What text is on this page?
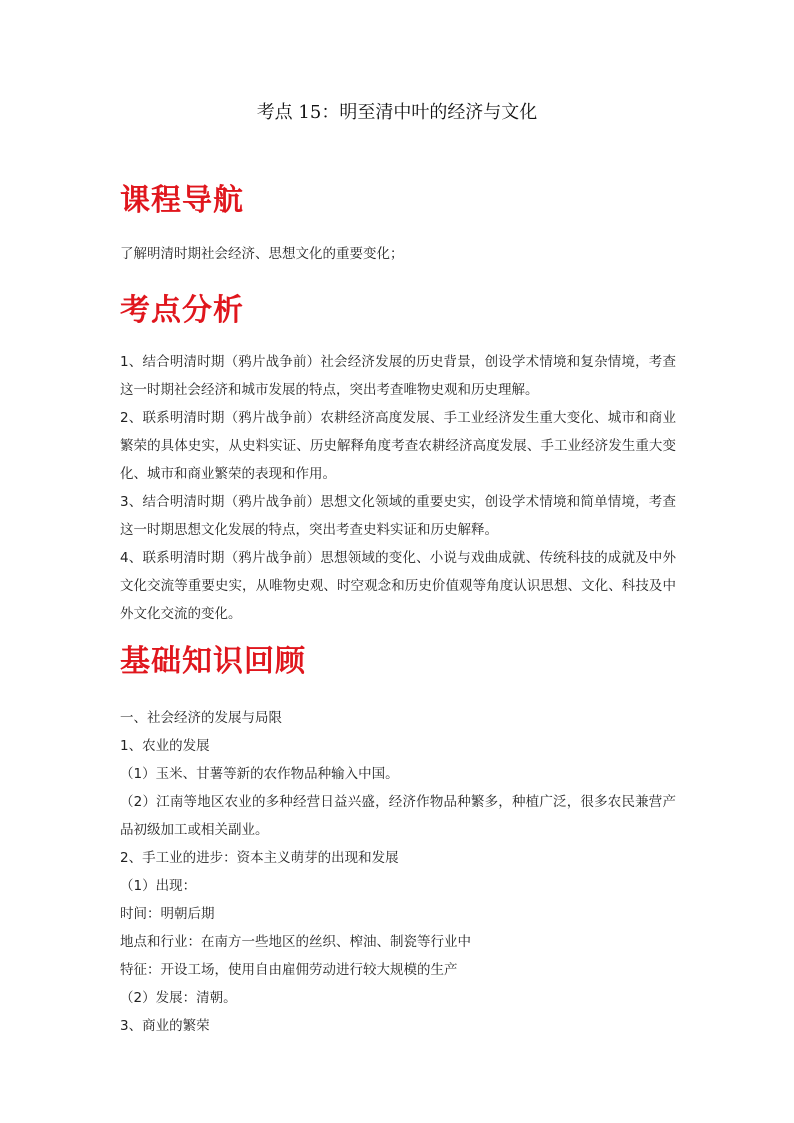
考点 15：明至清中叶的经济与文化
课程导航

了解明清时期社会经济、思想文化的重要变化；

考点分析

1、结合明清时期（鸦片战争前）社会经济发展的历史背景，创设学术情境和复杂情境，考查这一时期社会经济和城市发展的特点，突出考查唯物史观和历史理解。

2、联系明清时期（鸦片战争前）农耕经济高度发展、手工业经济发生重大变化、城市和商业繁荣的具体史实，从史料实证、历史解释角度考查农耕经济高度发展、手工业经济发生重大变化、城市和商业繁荣的表现和作用。

3、结合明清时期（鸦片战争前）思想文化领域的重要史实，创设学术情境和简单情境，考查这一时期思想文化发展的特点，突出考查史料实证和历史解释。

4、联系明清时期（鸦片战争前）思想领域的变化、小说与戏曲成就、传统科技的成就及中外文化交流等重要史实，从唯物史观、时空观念和历史价值观等角度认识思想、文化、科技及中外文化交流的变化。

基础知识回顾

一、社会经济的发展与局限

1、农业的发展

（1）玉米、甘薯等新的农作物品种输入中国。

（2）江南等地区农业的多种经营日益兴盛，经济作物品种繁多，种植广泛，很多农民兼营产品初级加工或相关副业。

2、手工业的进步：资本主义萌芽的出现和发展

（1）出现：

时间：明朝后期

地点和行业：在南方一些地区的丝织、榨油、制瓷等行业中

特征：开设工场，使用自由雇佣劳动进行较大规模的生产

（2）发展：清朝。

3、商业的繁荣
